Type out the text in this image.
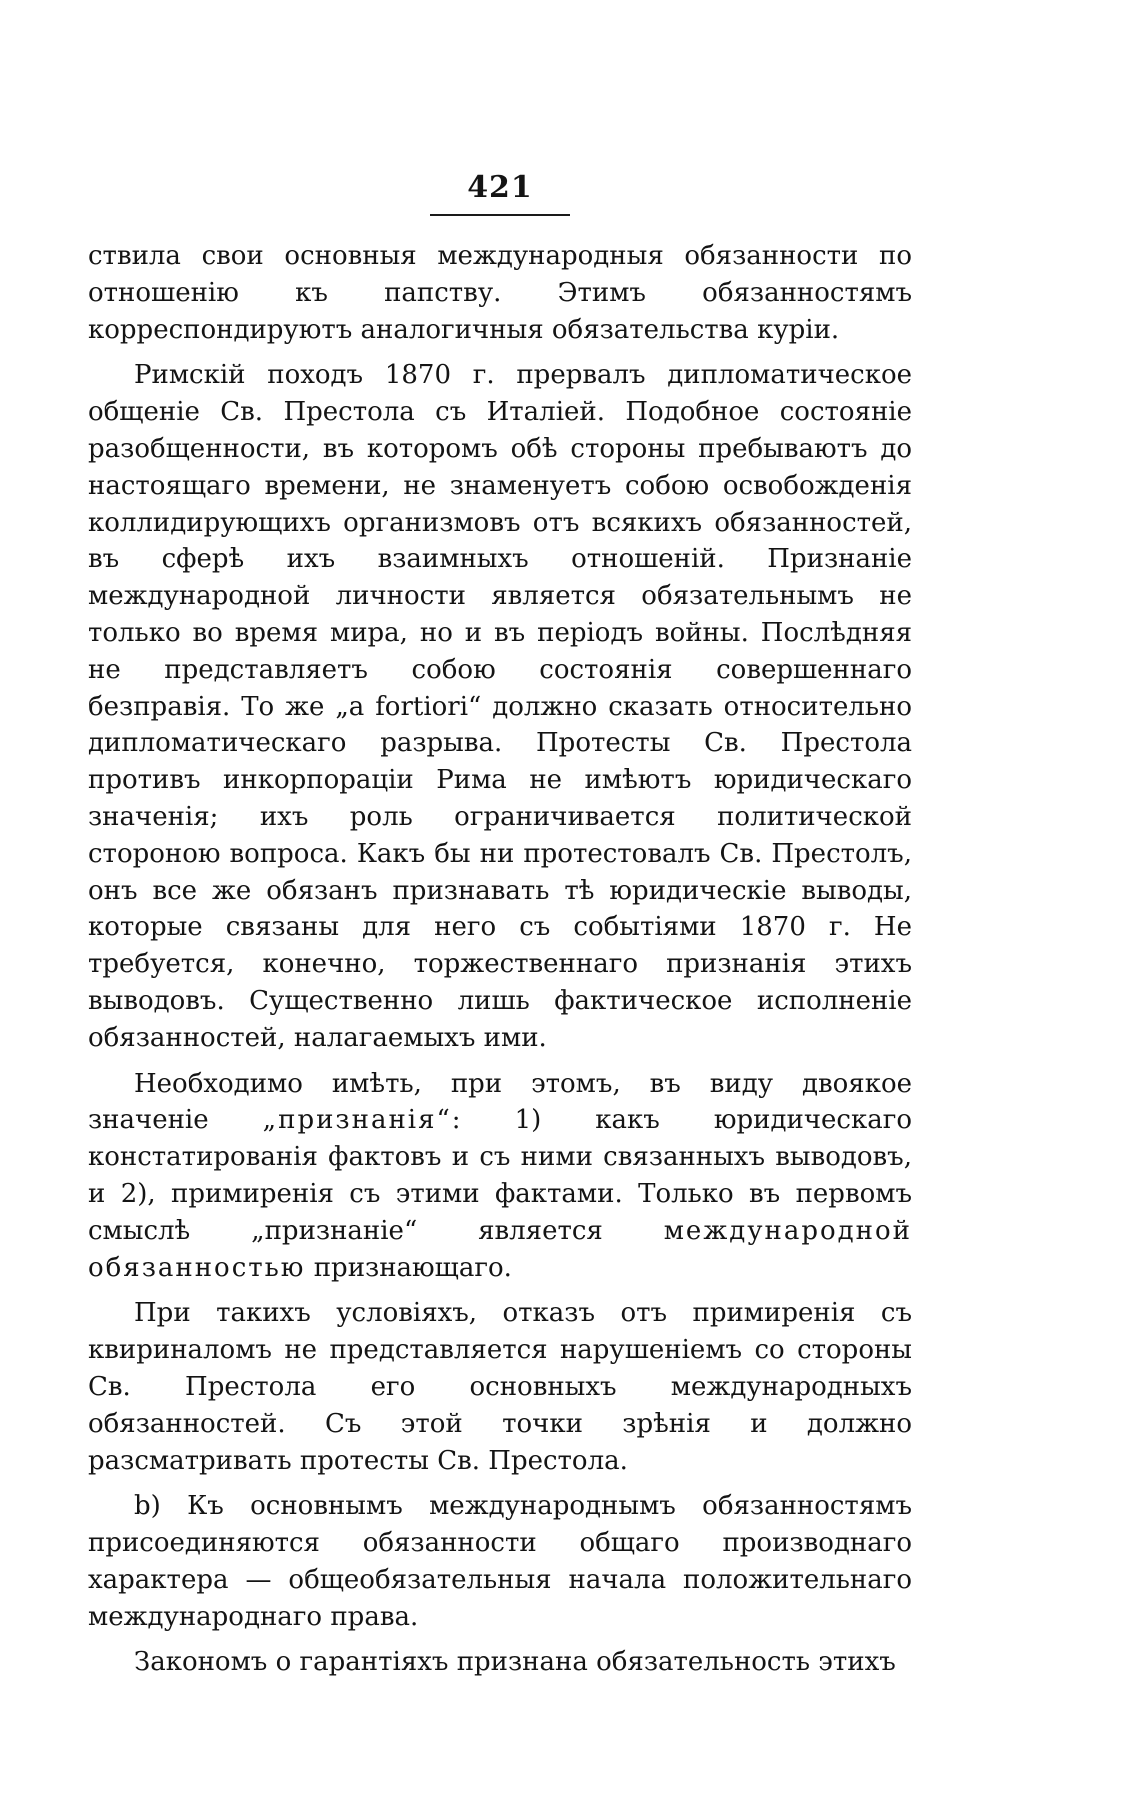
421

ствила свои основныя международныя обязанности по отношенію къ папству. Этимъ обязанностямъ корреспондируютъ аналогичныя обязательства куріи.

Римскій походъ 1870 г. прервалъ дипломатическое общеніе Св. Престола съ Италіей. Подобное состояніе разобщенности, въ которомъ обѣ стороны пребываютъ до настоящаго времени, не знаменуетъ собою освобожденія коллидирующихъ организмовъ отъ всякихъ обязанностей, въ сферѣ ихъ взаимныхъ отношеній. Признаніе международной личности является обязательнымъ не только во время мира, но и въ періодъ войны. Послѣдняя не представляетъ собою состоянія совершеннаго безправія. То же „a fortiori“ должно сказать относительно дипломатическаго разрыва. Протесты Св. Престола противъ инкорпораціи Рима не имѣютъ юридическаго значенія; ихъ роль ограничивается политической стороною вопроса. Какъ бы ни протестовалъ Св. Престолъ, онъ все же обязанъ признавать тѣ юридическіе выводы, которые связаны для него съ событіями 1870 г. Не требуется, конечно, торжественнаго признанія этихъ выводовъ. Существенно лишь фактическое исполненіе обязанностей, налагаемыхъ ими.

Необходимо имѣть, при этомъ, въ виду двоякое значеніе „признанія“: 1) какъ юридическаго констатированія фактовъ и съ ними связанныхъ выводовъ, и 2), примиренія съ этими фактами. Только въ первомъ смыслѣ „признаніе“ является международной обязанностью признающаго.

При такихъ условіяхъ, отказъ отъ примиренія съ квириналомъ не представляется нарушеніемъ со стороны Св. Престола его основныхъ международныхъ обязанностей. Съ этой точки зрѣнія и должно разсматривать протесты Св. Престола.

b) Къ основнымъ международнымъ обязанностямъ присоединяются обязанности общаго производнаго характера — общеобязательныя начала положительнаго международнаго права.

Закономъ о гарантіяхъ признана обязательность этихъ
